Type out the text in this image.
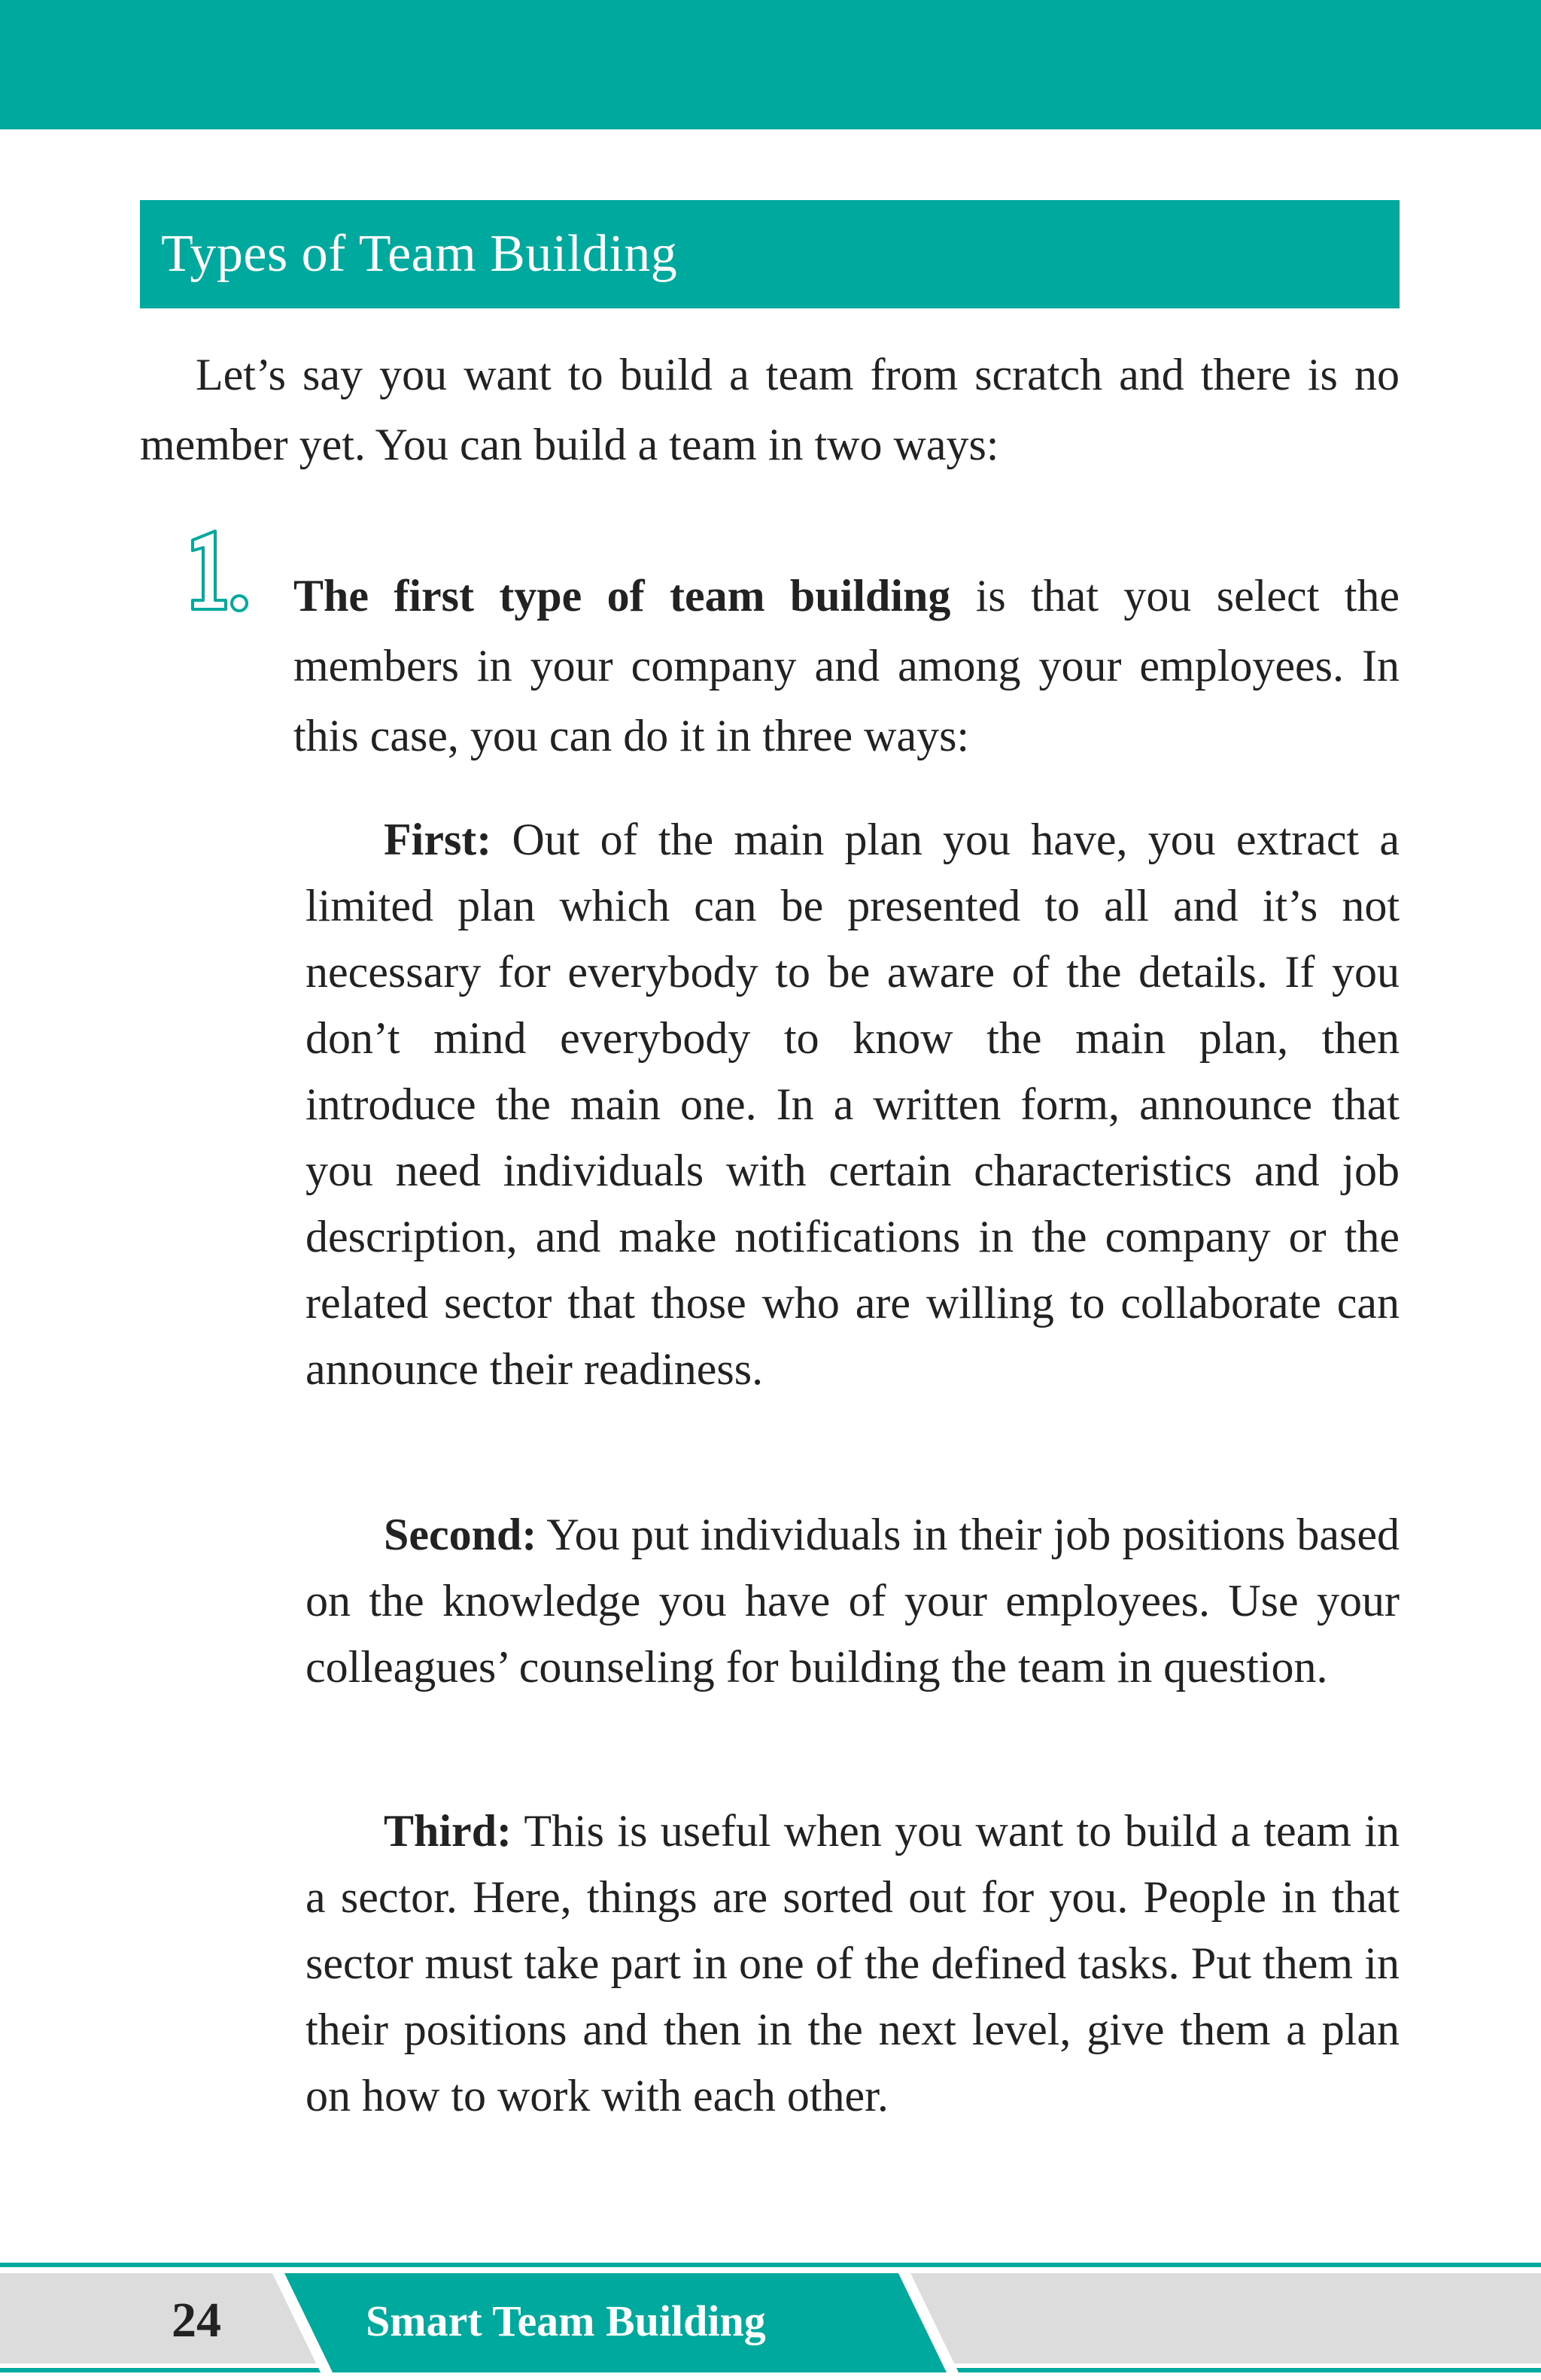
Types of Team Building

Let’s say you want to build a team from scratch and there is no member yet. You can build a team in two ways:

The first type of team building is that you select the members in your company and among your employees. In this case, you can do it in three ways:

First: Out of the main plan you have, you extract a limited plan which can be presented to all and it’s not necessary for everybody to be aware of the details. If you don’t mind everybody to know the main plan, then introduce the main one. In a written form, announce that you need individuals with certain characteristics and job description, and make notifications in the company or the related sector that those who are willing to collaborate can announce their readiness.

Second: You put individuals in their job positions based on the knowledge you have of your employees. Use your colleagues’ counseling for building the team in question.

Third: This is useful when you want to build a team in a sector. Here, things are sorted out for you. People in that sector must take part in one of the defined tasks. Put them in their positions and then in the next level, give them a plan on how to work with each other.

24	Smart Team Building
